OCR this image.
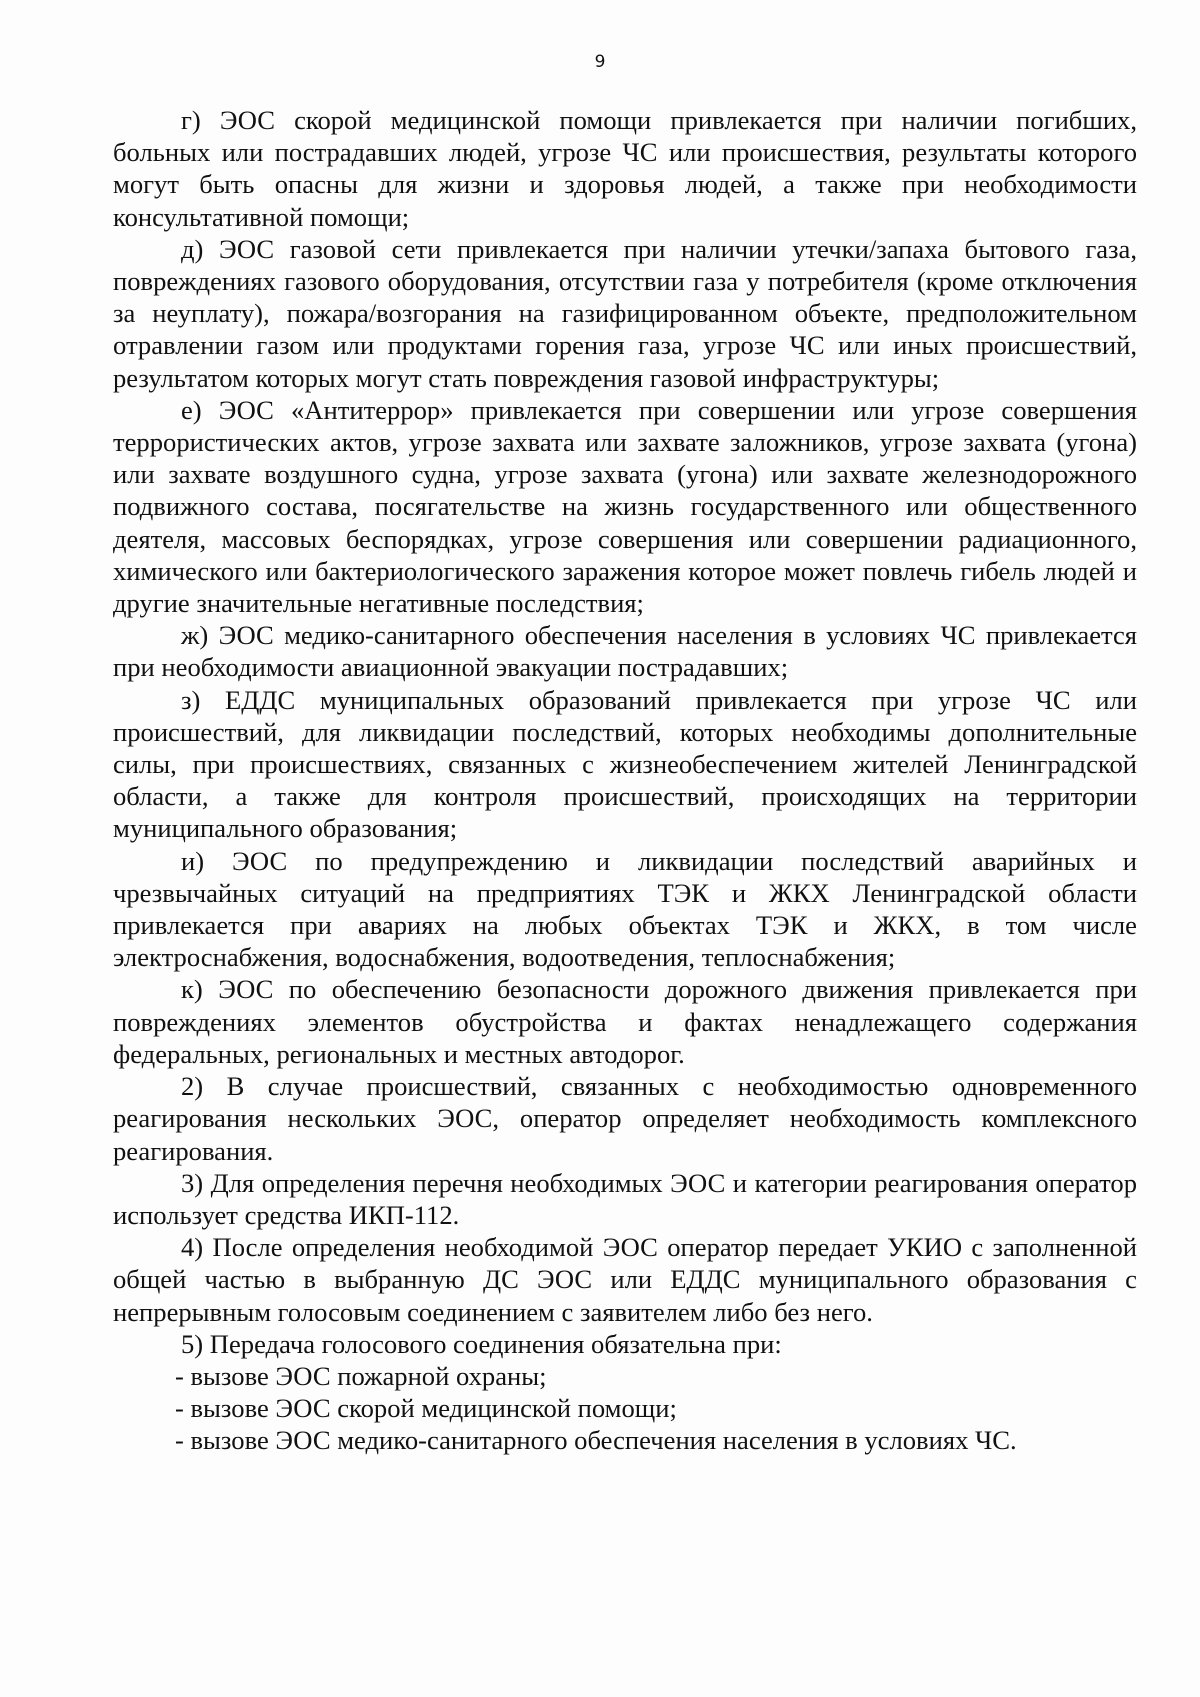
9

г) ЭОС скорой медицинской помощи привлекается при наличии погибших, больных или пострадавших людей, угрозе ЧС или происшествия, результаты которого могут быть опасны для жизни и здоровья людей, а также при необходимости консультативной помощи;

д) ЭОС газовой сети привлекается при наличии утечки/запаха бытового газа, повреждениях газового оборудования, отсутствии газа у потребителя (кроме отключения за неуплату), пожара/возгорания на газифицированном объекте, предположительном отравлении газом или продуктами горения газа, угрозе ЧС или иных происшествий, результатом которых могут стать повреждения газовой инфраструктуры;

е) ЭОС «Антитеррор» привлекается при совершении или угрозе совершения террористических актов, угрозе захвата или захвате заложников, угрозе захвата (угона) или захвате воздушного судна, угрозе захвата (угона) или захвате железнодорожного подвижного состава, посягательстве на жизнь государственного или общественного деятеля, массовых беспорядках, угрозе совершения или совершении радиационного, химического или бактериологического заражения которое может повлечь гибель людей и другие значительные негативные последствия;

ж) ЭОС медико-санитарного обеспечения населения в условиях ЧС привлекается при необходимости авиационной эвакуации пострадавших;

з) ЕДДС муниципальных образований привлекается при угрозе ЧС или происшествий, для ликвидации последствий, которых необходимы дополнительные силы, при происшествиях, связанных с жизнеобеспечением жителей Ленинградской области, а также для контроля происшествий, происходящих на территории муниципального образования;

и) ЭОС по предупреждению и ликвидации последствий аварийных и чрезвычайных ситуаций на предприятиях ТЭК и ЖКХ Ленинградской области привлекается при авариях на любых объектах ТЭК и ЖКХ, в том числе электроснабжения, водоснабжения, водоотведения, теплоснабжения;

к) ЭОС по обеспечению безопасности дорожного движения привлекается при повреждениях элементов обустройства и фактах ненадлежащего содержания федеральных, региональных и местных автодорог.

2) В случае происшествий, связанных с необходимостью одновременного реагирования нескольких ЭОС, оператор определяет необходимость комплексного реагирования.

3) Для определения перечня необходимых ЭОС и категории реагирования оператор использует средства ИКП-112.

4) После определения необходимой ЭОС оператор передает УКИО с заполненной общей частью в выбранную ДС ЭОС или ЕДДС муниципального образования с непрерывным голосовым соединением с заявителем либо без него.

5) Передача голосового соединения обязательна при:

- вызове ЭОС пожарной охраны;

- вызове ЭОС скорой медицинской помощи;

- вызове ЭОС медико-санитарного обеспечения населения в условиях ЧС.
